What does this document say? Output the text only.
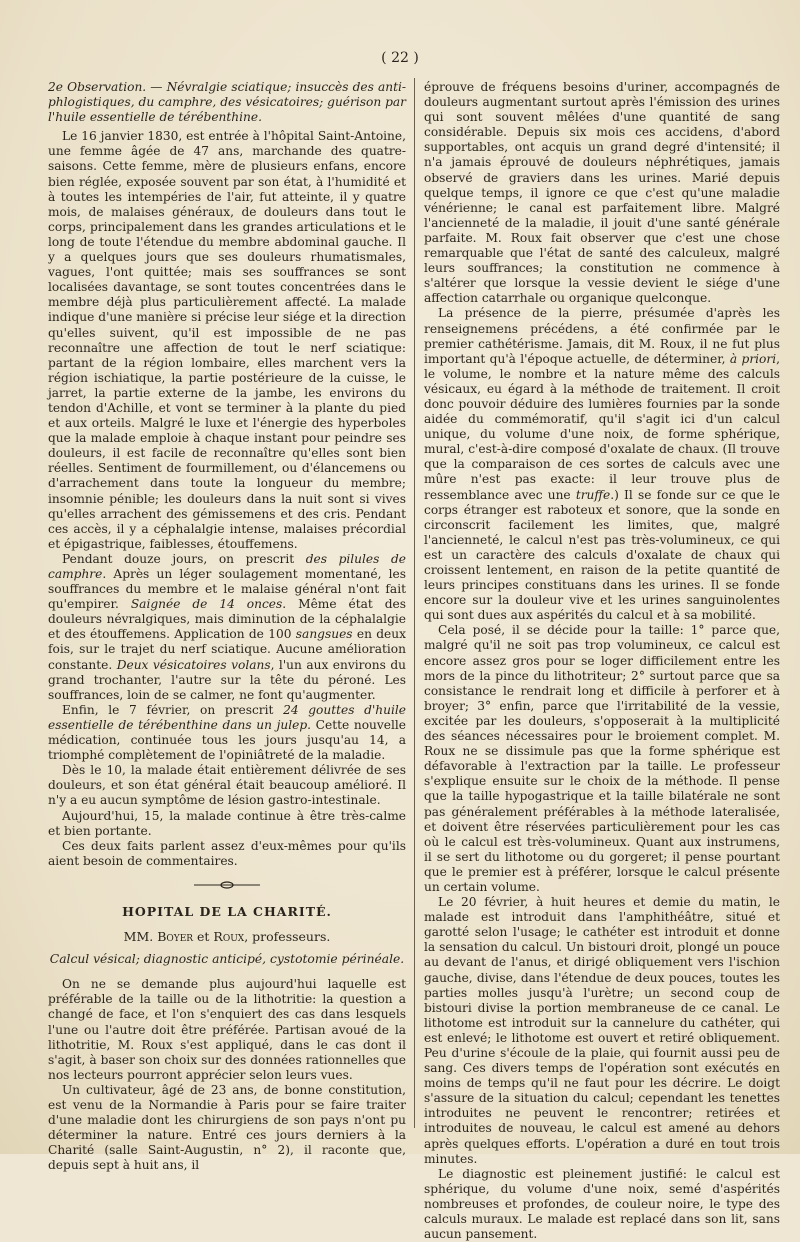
( 22 )

2e Observation. — Névralgie sciatique; insuccès des anti-phlogistiques, du camphre, des vésicatoires; guérison par l'huile essentielle de térébenthine.

Le 16 janvier 1830, est entrée à l'hôpital Saint-Antoine, une femme âgée de 47 ans, marchande des quatre-saisons. Cette femme, mère de plusieurs enfans, encore bien réglée, exposée souvent par son état, à l'humidité et à toutes les intempéries de l'air, fut atteinte, il y quatre mois, de malaises généraux, de douleurs dans tout le corps, principalement dans les grandes articulations et le long de toute l'étendue du membre abdominal gauche. Il y a quelques jours que ses douleurs rhumatismales, vagues, l'ont quittée; mais ses souffrances se sont localisées davantage, se sont toutes concentrées dans le membre déjà plus particulièrement affecté. La malade indique d'une manière si précise leur siége et la direction qu'elles suivent, qu'il est impossible de ne pas reconnaître une affection de tout le nerf sciatique: partant de la région lombaire, elles marchent vers la région ischiatique, la partie postérieure de la cuisse, le jarret, la partie externe de la jambe, les environs du tendon d'Achille, et vont se terminer à la plante du pied et aux orteils. Malgré le luxe et l'énergie des hyperboles que la malade emploie à chaque instant pour peindre ses douleurs, il est facile de reconnaître qu'elles sont bien réelles. Sentiment de fourmillement, ou d'élancemens ou d'arrachement dans toute la longueur du membre; insomnie pénible; les douleurs dans la nuit sont si vives qu'elles arrachent des gémissemens et des cris. Pendant ces accès, il y a céphalalgie intense, malaises précordial et épigastrique, faiblesses, étouffemens.

Pendant douze jours, on prescrit des pilules de camphre. Après un léger soulagement momentané, les souffrances du membre et le malaise général n'ont fait qu'empirer. Saignée de 14 onces. Même état des douleurs névralgiques, mais diminution de la céphalalgie et des étouffemens. Application de 100 sangsues en deux fois, sur le trajet du nerf sciatique. Aucune amélioration constante. Deux vésicatoires volans, l'un aux environs du grand trochanter, l'autre sur la tête du péroné. Les souffrances, loin de se calmer, ne font qu'augmenter.

Enfin, le 7 février, on prescrit 24 gouttes d'huile essentielle de térébenthine dans un julep. Cette nouvelle médication, continuée tous les jours jusqu'au 14, a triomphé complètement de l'opiniâtreté de la maladie.

Dès le 10, la malade était entièrement délivrée de ses douleurs, et son état général était beaucoup amélioré. Il n'y a eu aucun symptôme de lésion gastro-intestinale.

Aujourd'hui, 15, la malade continue à être très-calme et bien portante.

Ces deux faits parlent assez d'eux-mêmes pour qu'ils aient besoin de commentaires.

HOPITAL DE LA CHARITÉ.
MM. Boyer et Roux, professeurs.
Calcul vésical; diagnostic anticipé, cystotomie périnéale.

On ne se demande plus aujourd'hui laquelle est préférable de la taille ou de la lithotritie: la question a changé de face, et l'on s'enquiert des cas dans lesquels l'une ou l'autre doit être préférée. Partisan avoué de la lithotritie, M. Roux s'est appliqué, dans le cas dont il s'agit, à baser son choix sur des données rationnelles que nos lecteurs pourront apprécier selon leurs vues.

Un cultivateur, âgé de 23 ans, de bonne constitution, est venu de la Normandie à Paris pour se faire traiter d'une maladie dont les chirurgiens de son pays n'ont pu déterminer la nature. Entré ces jours derniers à la Charité (salle Saint-Augustin, n° 2), il raconte que, depuis sept à huit ans, il

éprouve de fréquens besoins d'uriner, accompagnés de douleurs augmentant surtout après l'émission des urines qui sont souvent mêlées d'une quantité de sang considérable. Depuis six mois ces accidens, d'abord supportables, ont acquis un grand degré d'intensité; il n'a jamais éprouvé de douleurs néphrétiques, jamais observé de graviers dans les urines. Marié depuis quelque temps, il ignore ce que c'est qu'une maladie vénérienne; le canal est parfaitement libre. Malgré l'ancienneté de la maladie, il jouit d'une santé générale parfaite. M. Roux fait observer que c'est une chose remarquable que l'état de santé des calculeux, malgré leurs souffrances; la constitution ne commence à s'altérer que lorsque la vessie devient le siége d'une affection catarrhale ou organique quelconque.

La présence de la pierre, présumée d'après les renseignemens précédens, a été confirmée par le premier cathétérisme. Jamais, dit M. Roux, il ne fut plus important qu'à l'époque actuelle, de déterminer, à priori, le volume, le nombre et la nature même des calculs vésicaux, eu égard à la méthode de traitement. Il croit donc pouvoir déduire des lumières fournies par la sonde aidée du commémoratif, qu'il s'agit ici d'un calcul unique, du volume d'une noix, de forme sphérique, mural, c'est-à-dire composé d'oxalate de chaux. (Il trouve que la comparaison de ces sortes de calculs avec une mûre n'est pas exacte: il leur trouve plus de ressemblance avec une truffe.) Il se fonde sur ce que le corps étranger est raboteux et sonore, que la sonde en circonscrit facilement les limites, que, malgré l'ancienneté, le calcul n'est pas très-volumineux, ce qui est un caractère des calculs d'oxalate de chaux qui croissent lentement, en raison de la petite quantité de leurs principes constituans dans les urines. Il se fonde encore sur la douleur vive et les urines sanguinolentes qui sont dues aux aspérités du calcul et à sa mobilité.

Cela posé, il se décide pour la taille: 1° parce que, malgré qu'il ne soit pas trop volumineux, ce calcul est encore assez gros pour se loger difficilement entre les mors de la pince du lithotriteur; 2° surtout parce que sa consistance le rendrait long et difficile à perforer et à broyer; 3° enfin, parce que l'irritabilité de la vessie, excitée par les douleurs, s'opposerait à la multiplicité des séances nécessaires pour le broiement complet. M. Roux ne se dissimule pas que la forme sphérique est défavorable à l'extraction par la taille. Le professeur s'explique ensuite sur le choix de la méthode. Il pense que la taille hypogastrique et la taille bilatérale ne sont pas généralement préférables à la méthode lateralisée, et doivent être réservées particulièrement pour les cas où le calcul est très-volumineux. Quant aux instrumens, il se sert du lithotome ou du gorgeret; il pense pourtant que le premier est à préférer, lorsque le calcul présente un certain volume.

Le 20 février, à huit heures et demie du matin, le malade est introduit dans l'amphithéâtre, situé et garotté selon l'usage; le cathéter est introduit et donne la sensation du calcul. Un bistouri droit, plongé un pouce au devant de l'anus, et dirigé obliquement vers l'ischion gauche, divise, dans l'étendue de deux pouces, toutes les parties molles jusqu'à l'urètre; un second coup de bistouri divise la portion membraneuse de ce canal. Le lithotome est introduit sur la cannelure du cathéter, qui est enlevé; le lithotome est ouvert et retiré obliquement. Peu d'urine s'écoule de la plaie, qui fournit aussi peu de sang. Ces divers temps de l'opération sont exécutés en moins de temps qu'il ne faut pour les décrire. Le doigt s'assure de la situation du calcul; cependant les tenettes introduites ne peuvent le rencontrer; retirées et introduites de nouveau, le calcul est amené au dehors après quelques efforts. L'opération a duré en tout trois minutes.

Le diagnostic est pleinement justifié: le calcul est sphérique, du volume d'une noix, semé d'aspérités nombreuses et profondes, de couleur noire, le type des calculs muraux. Le malade est replacé dans son lit, sans aucun pansement.
